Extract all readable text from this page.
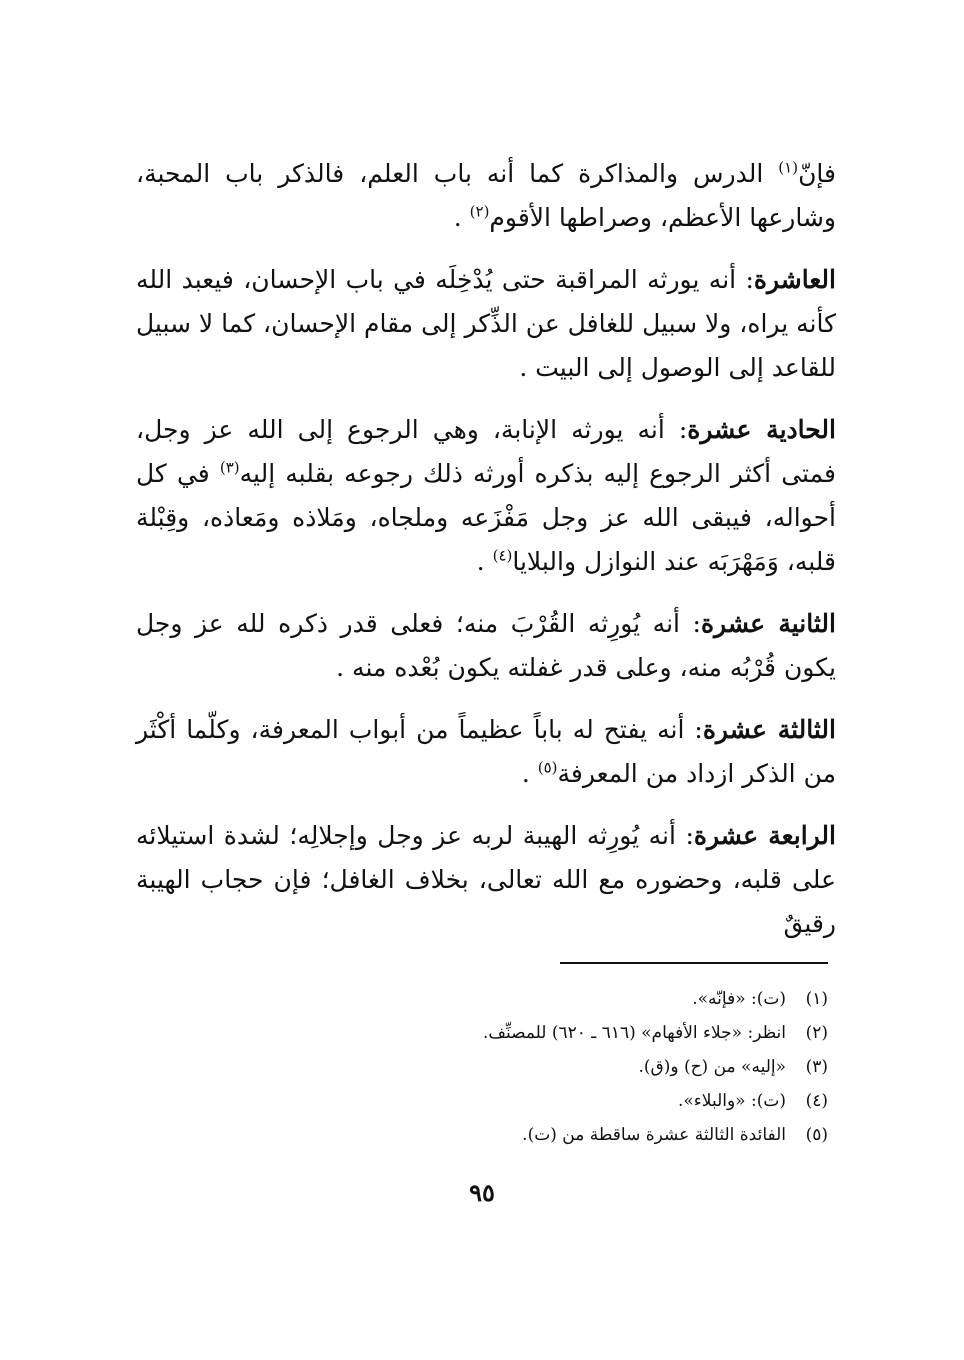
فإنّ$^{(١)}$ الدرس والمذاكرة كما أنه باب العلم، فالذكر باب المحبة، وشارعها الأعظم، وصراطها الأقوم$^{(٢)}$ .

العاشرة: أنه يورثه المراقبة حتى يُدْخِلَه في باب الإحسان، فيعبد الله كأنه يراه، ولا سبيل للغافل عن الذِّكر إلى مقام الإحسان، كما لا سبيل للقاعد إلى الوصول إلى البيت .

الحادية عشرة: أنه يورثه الإنابة، وهي الرجوع إلى الله عز وجل، فمتى أكثر الرجوع إليه بذكره أورثه ذلك رجوعه بقلبه إليه$^{(٣)}$ في كل أحواله، فيبقى الله عز وجل مَفْزَعه وملجاه، ومَلاذه ومَعاذه، وقِبْلة قلبه، وَمَهْرَبَه عند النوازل والبلايا$^{(٤)}$ .

الثانية عشرة: أنه يُورِثه القُرْبَ منه؛ فعلى قدر ذكره لله عز وجل يكون قُرْبُه منه، وعلى قدر غفلته يكون بُعْده منه .

الثالثة عشرة: أنه يفتح له باباً عظيماً من أبواب المعرفة، وكلّما أكْثَر من الذكر ازداد من المعرفة$^{(٥)}$ .

الرابعة عشرة: أنه يُورِثه الهيبة لربه عز وجل وإجلالِه؛ لشدة استيلائه على قلبه، وحضوره مع الله تعالى، بخلاف الغافل؛ فإن حجاب الهيبة رقيقٌ

(١)(ت): «فإنّه».
(٢)انظر: «جلاء الأفهام» (٦١٦ ـ ٦٢٠) للمصنِّف.
(٣)«إليه» من (ح) و(ق).
(٤)(ت): «والبلاء».
(٥)الفائدة الثالثة عشرة ساقطة من (ت).
٩٥
